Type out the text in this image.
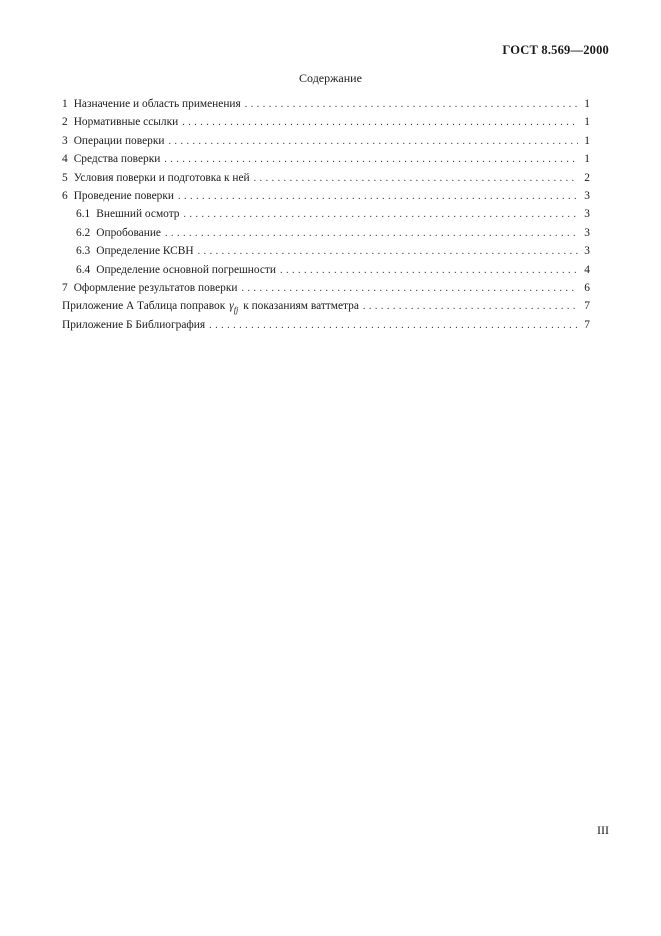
ГОСТ 8.569—2000
Содержание
1 Назначение и область применения . . .	1
2 Нормативные ссылки . . .	1
3 Операции поверки . . .	1
4 Средства поверки . . .	1
5 Условия поверки и подготовка к ней . . .	2
6 Проведение поверки . . .	3
6.1 Внешний осмотр . . .	3
6.2 Опробование . . .	3
6.3 Определение КСВН . . .	3
6.4 Определение основной погрешности . . .	4
7 Оформление результатов поверки . . .	6
Приложение А Таблица поправок $\gamma_{fj}$ к показаниям ваттметра . . .	7
Приложение Б Библиография . . .	7
III
